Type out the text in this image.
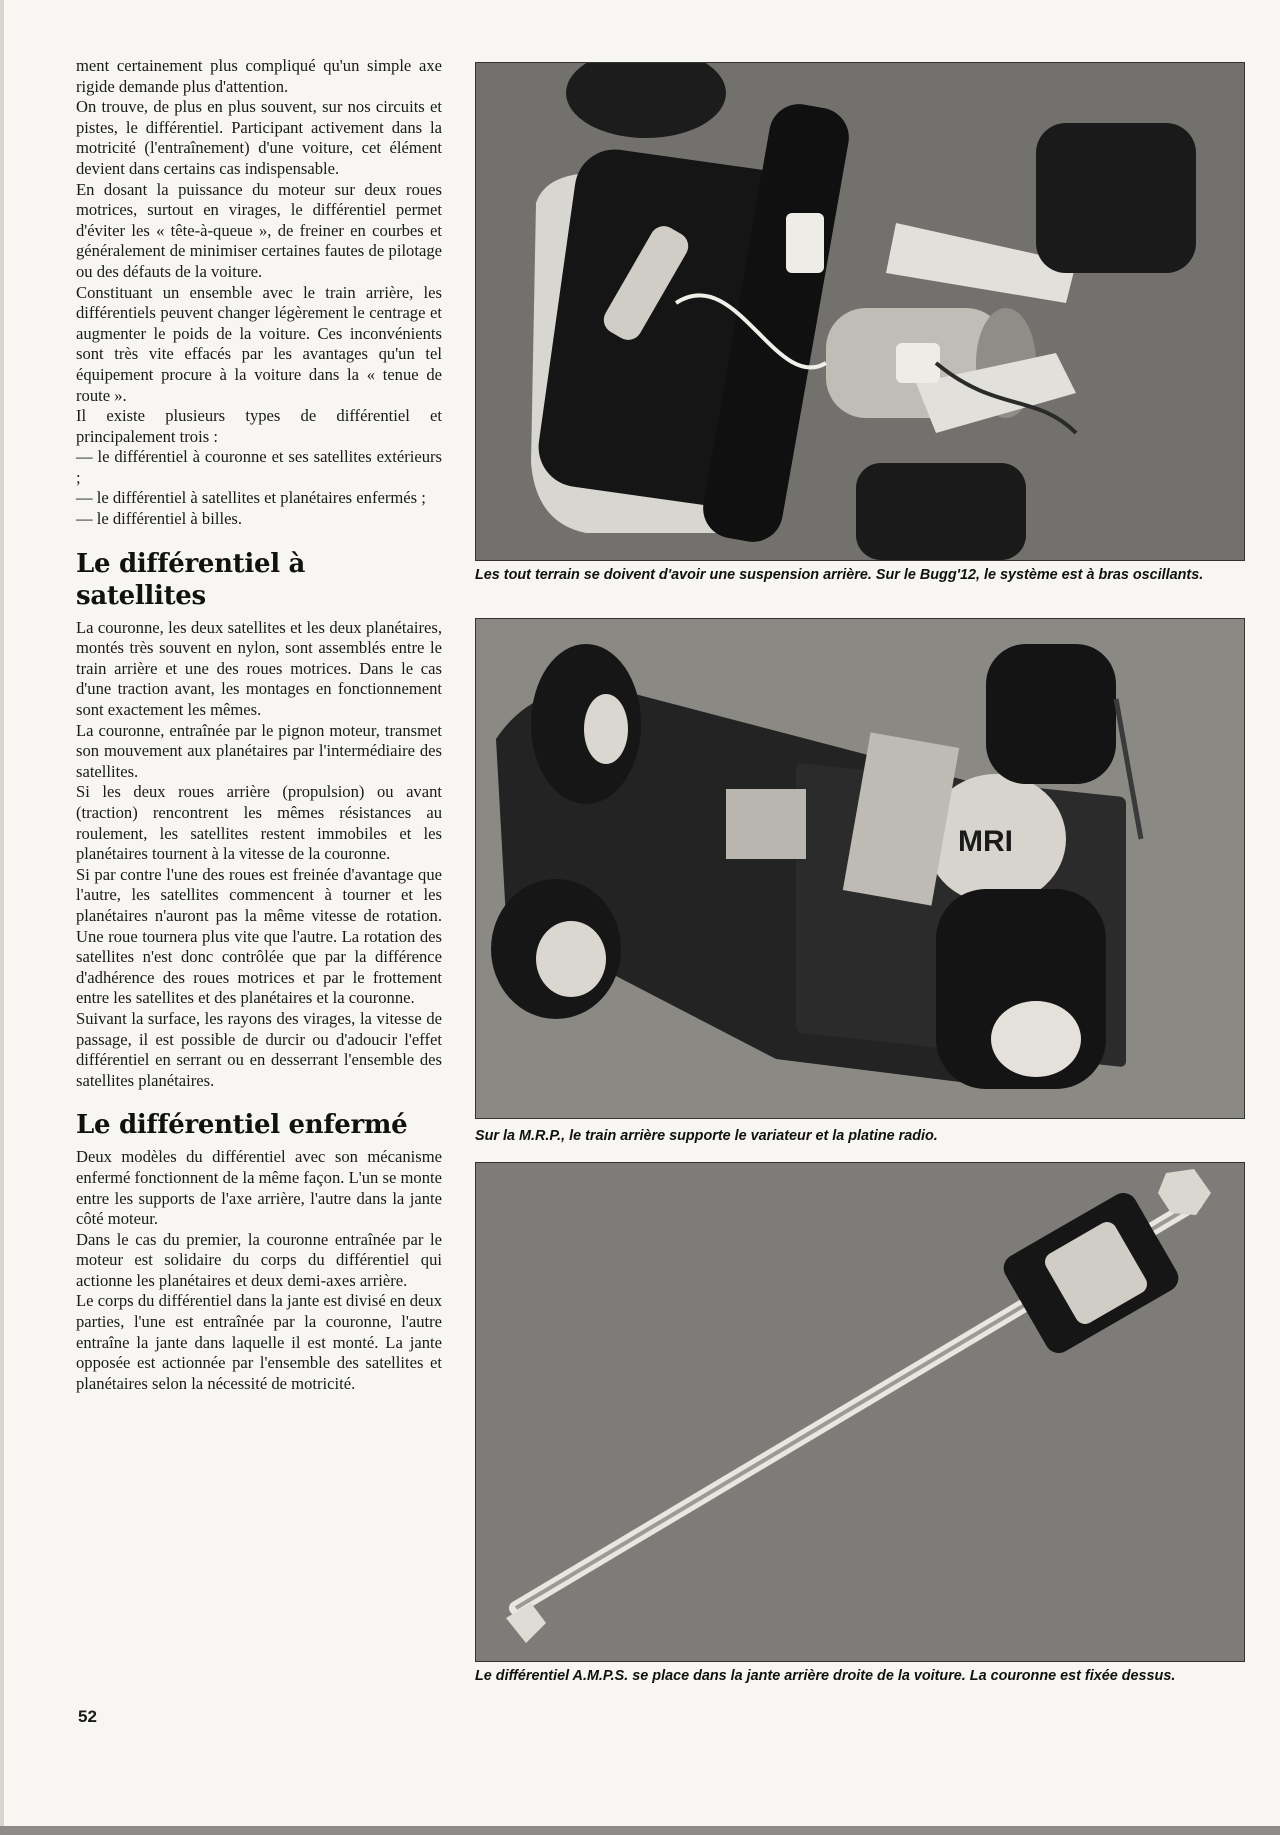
ment certainement plus compliqué qu'un simple axe rigide demande plus d'attention.

On trouve, de plus en plus souvent, sur nos circuits et pistes, le différentiel. Participant activement dans la motricité (l'entraînement) d'une voiture, cet élément devient dans certains cas indispensable.

En dosant la puissance du moteur sur deux roues motrices, surtout en virages, le différentiel permet d'éviter les « tête-à-queue », de freiner en courbes et généralement de minimiser certaines fautes de pilotage ou des défauts de la voiture.

Constituant un ensemble avec le train arrière, les différentiels peuvent changer légèrement le centrage et augmenter le poids de la voiture. Ces inconvénients sont très vite effacés par les avantages qu'un tel équipement procure à la voiture dans la « tenue de route ».

Il existe plusieurs types de différentiel et principalement trois :

— le différentiel à couronne et ses satellites extérieurs ;

— le différentiel à satellites et planétaires enfermés ;

— le différentiel à billes.

Le différentiel à satellites

La couronne, les deux satellites et les deux planétaires, montés très souvent en nylon, sont assemblés entre le train arrière et une des roues motrices. Dans le cas d'une traction avant, les montages en fonctionnement sont exactement les mêmes.

La couronne, entraînée par le pignon moteur, transmet son mouvement aux planétaires par l'intermédiaire des satellites.

Si les deux roues arrière (propulsion) ou avant (traction) rencontrent les mêmes résistances au roulement, les satellites restent immobiles et les planétaires tournent à la vitesse de la couronne.

Si par contre l'une des roues est freinée d'avantage que l'autre, les satellites commencent à tourner et les planétaires n'auront pas la même vitesse de rotation. Une roue tournera plus vite que l'autre. La rotation des satellites n'est donc contrôlée que par la différence d'adhérence des roues motrices et par le frottement entre les satellites et des planétaires et la couronne.

Suivant la surface, les rayons des virages, la vitesse de passage, il est possible de durcir ou d'adoucir l'effet différentiel en serrant ou en desserrant l'ensemble des satellites planétaires.

Le différentiel enfermé

Deux modèles du différentiel avec son mécanisme enfermé fonctionnent de la même façon. L'un se monte entre les supports de l'axe arrière, l'autre dans la jante côté moteur.

Dans le cas du premier, la couronne entraînée par le moteur est solidaire du corps du différentiel qui actionne les planétaires et deux demi-axes arrière.

Le corps du différentiel dans la jante est divisé en deux parties, l'une est entraînée par la couronne, l'autre entraîne la jante dans laquelle il est monté. La jante opposée est actionnée par l'ensemble des satellites et planétaires selon la nécessité de motricité.

52
Les tout terrain se doivent d'avoir une suspension arrière. Sur le Bugg'12, le système est à bras oscillants.
MRI
Sur la M.R.P., le train arrière supporte le variateur et la platine radio.
Le différentiel A.M.P.S. se place dans la jante arrière droite de la voiture. La couronne est fixée dessus.
